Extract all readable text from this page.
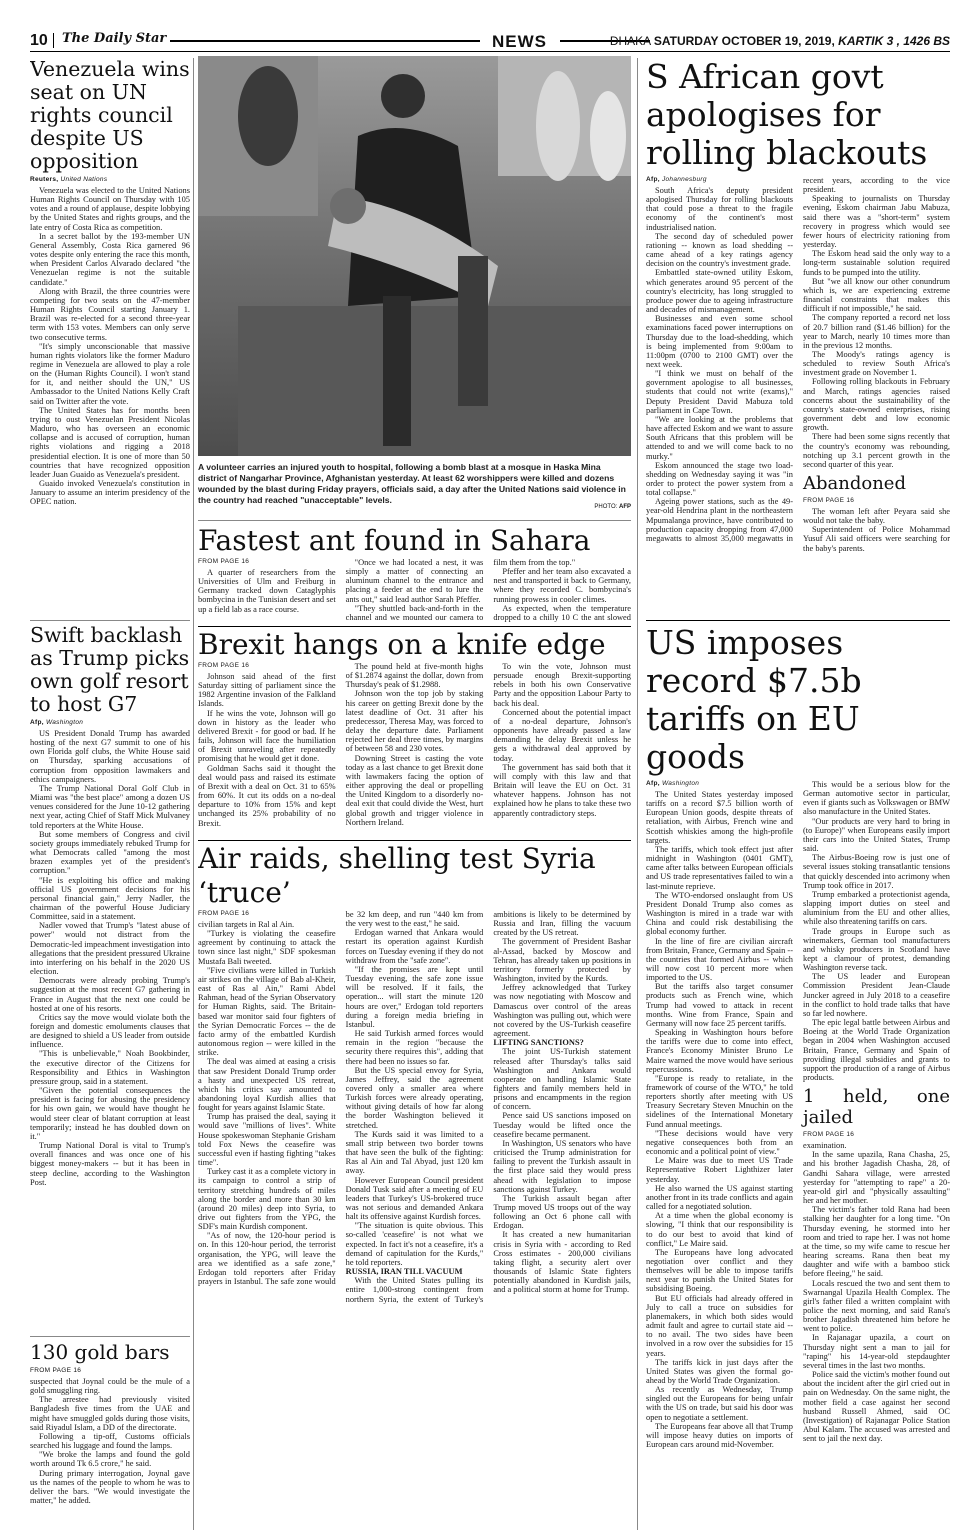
10 The Daily Star	NEWS	DHAKA SATURDAY OCTOBER 19, 2019, KARTIK 3 , 1426 BS
Venezuela wins seat on UN rights council despite US opposition
Reuters, United Nations

Venezuela was elected to the United Nations Human Rights Council on Thursday with 105 votes and a round of applause, despite lobbying by the United States and rights groups, and the late entry of Costa Rica as competition.

In a secret ballot by the 193-member UN General Assembly, Costa Rica garnered 96 votes despite only entering the race this month, when President Carlos Alvarado declared "the Venezuelan regime is not the suitable candidate."

Along with Brazil, the three countries were competing for two seats on the 47-member Human Rights Council starting January 1. Brazil was re-elected for a second three-year term with 153 votes. Members can only serve two consecutive terms.

"It's simply unconscionable that massive human rights violators like the former Maduro regime in Venezuela are allowed to play a role on the (Human Rights Council). I won't stand for it, and neither should the UN," US Ambassador to the United Nations Kelly Craft said on Twitter after the vote.

The United States has for months been trying to oust Venezuelan President Nicolas Maduro, who has overseen an economic collapse and is accused of corruption, human rights violations and rigging a 2018 presidential election. It is one of more than 50 countries that have recognized opposition leader Juan Guaido as Venezuela's president.

Guaido invoked Venezuela's constitution in January to assume an interim presidency of the OPEC nation.

Swift backlash as Trump picks own golf resort to host G7
Afp, Washington

US President Donald Trump has awarded hosting of the next G7 summit to one of his own Florida golf clubs, the White House said on Thursday, sparking accusations of corruption from opposition lawmakers and ethics campaigners.

The Trump National Doral Golf Club in Miami was "the best place" among a dozen US venues considered for the June 10-12 gathering next year, acting Chief of Staff Mick Mulvaney told reporters at the White House.

But some members of Congress and civil society groups immediately rebuked Trump for what Democrats called "among the most brazen examples yet of the president's corruption."

"He is exploiting his office and making official US government decisions for his personal financial gain," Jerry Nadler, the chairman of the powerful House Judiciary Committee, said in a statement.

Nadler vowed that Trump's "latest abuse of power" would not distract from the Democratic-led impeachment investigation into allegations that the president pressured Ukraine into interfering on his behalf in the 2020 US election.

Democrats were already probing Trump's suggestion at the most recent G7 gathering in France in August that the next one could be hosted at one of his resorts.

Critics say the move would violate both the foreign and domestic emoluments clauses that are designed to shield a US leader from outside influence.

"This is unbelievable," Noah Bookbinder, the executive director of the Citizens for Responsibility and Ethics in Washington pressure group, said in a statement.

"Given the potential consequences the president is facing for abusing the presidency for his own gain, we would have thought he would steer clear of blatant corruption at least temporarily; instead he has doubled down on it."

Trump National Doral is vital to Trump's overall finances and was once one of his biggest money-makers -- but it has been in steep decline, according to the Washington Post.

130 gold bars
FROM PAGE 16

suspected that Joynal could be the mule of a gold smuggling ring.

The arrestee had previously visited Bangladesh five times from the UAE and might have smuggled golds during those visits, said Riyadul Islam, a DD of the directorate.

Following a tip-off, Customs officials searched his luggage and found the lamps.

"We broke the lamps and found the gold worth around Tk 6.5 crore," he said.

During primary interrogation, Joynal gave us the names of the people to whom he was to deliver the bars. "We would investigate the matter," he added.

A volunteer carries an injured youth to hospital, following a bomb blast at a mosque in Haska Mina district of Nangarhar Province, Afghanistan yesterday. At least 62 worshippers were killed and dozens wounded by the blast during Friday prayers, officials said, a day after the United Nations said violence in the country had reached "unacceptable" levels.
PHOTO: AFP
Fastest ant found in Sahara
FROM PAGE 16

A quarter of researchers from the Universities of Ulm and Freiburg in Germany tracked down Cataglyphis bombycina in the Tunisian desert and set up a field lab as a race course.

"Once we had located a nest, it was simply a matter of connecting an aluminum channel to the entrance and placing a feeder at the end to lure the ants out," said lead author Sarah Pfeffer.

"They shuttled back-and-forth in the channel and we mounted our camera to film them from the top."

Pfeffer and her team also excavated a nest and transported it back to Germany, where they recorded C. bombycina's running prowess in cooler climes.

As expected, when the temperature dropped to a chilly 10 C the ant slowed

Brexit hangs on a knife edge
FROM PAGE 16

Johnson said ahead of the first Saturday sitting of parliament since the 1982 Argentine invasion of the Falkland Islands.

If he wins the vote, Johnson will go down in history as the leader who delivered Brexit - for good or bad. If he fails, Johnson will face the humiliation of Brexit unraveling after repeatedly promising that he would get it done.

Goldman Sachs said it thought the deal would pass and raised its estimate of Brexit with a deal on Oct. 31 to 65% from 60%. It cut its odds on a no-deal departure to 10% from 15% and kept unchanged its 25% probability of no Brexit.

The pound held at five-month highs of $1.2874 against the dollar, down from Thursday's peak of $1.2988.

Johnson won the top job by staking his career on getting Brexit done by the latest deadline of Oct. 31 after his predecessor, Theresa May, was forced to delay the departure date. Parliament rejected her deal three times, by margins of between 58 and 230 votes.

Downing Street is casting the vote today as a last chance to get Brexit done with lawmakers facing the option of either approving the deal or propelling the United Kingdom to a disorderly no-deal exit that could divide the West, hurt global growth and trigger violence in Northern Ireland.

To win the vote, Johnson must persuade enough Brexit-supporting rebels in both his own Conservative Party and the opposition Labour Party to back his deal.

Concerned about the potential impact of a no-deal departure, Johnson's opponents have already passed a law demanding he delay Brexit unless he gets a withdrawal deal approved by today.

The government has said both that it will comply with this law and that Britain will leave the EU on Oct. 31 whatever happens. Johnson has not explained how he plans to take these two apparently contradictory steps.

Air raids, shelling test Syria ‘truce’
FROM PAGE 16

civilian targets in Ral al Ain.

"Turkey is violating the ceasefire agreement by continuing to attack the town since last night," SDF spokesman Mustafa Bali tweeted.

"Five civilians were killed in Turkish air strikes on the village of Bab al-Kheir, east of Ras al Ain," Rami Abdel Rahman, head of the Syrian Observatory for Human Rights, said. The Britain-based war monitor said four fighters of the Syrian Democratic Forces -- the de facto army of the embattled Kurdish autonomous region -- were killed in the strike.

The deal was aimed at easing a crisis that saw President Donald Trump order a hasty and unexpected US retreat, which his critics say amounted to abandoning loyal Kurdish allies that fought for years against Islamic State.

Trump has praised the deal, saying it would save "millions of lives". White House spokeswoman Stephanie Grisham told Fox News the ceasefire was successful even if hasting fighting "takes time".

Turkey cast it as a complete victory in its campaign to control a strip of territory stretching hundreds of miles along the border and more than 30 km (around 20 miles) deep into Syria, to drive out fighters from the YPG, the SDF's main Kurdish component.

"As of now, the 120-hour period is on. In this 120-hour period, the terrorist organisation, the YPG, will leave the area we identified as a safe zone," Erdogan told reporters after Friday prayers in Istanbul. The safe zone would be 32 km deep, and run "440 km from the very west to the east," he said.

Erdogan warned that Ankara would restart its operation against Kurdish forces on Tuesday evening if they do not withdraw from the "safe zone".

"If the promises are kept until Tuesday evening, the safe zone issue will be resolved. If it fails, the operation... will start the minute 120 hours are over," Erdogan told reporters during a foreign media briefing in Istanbul.

He said Turkish armed forces would remain in the region "because the security there requires this", adding that there had been no issues so far.

But the US special envoy for Syria, James Jeffrey, said the agreement covered only a smaller area where Turkish forces were already operating, without giving details of how far along the border Washington believed it stretched.

The Kurds said it was limited to a small strip between two border towns that have seen the bulk of the fighting: Ras al Ain and Tal Abyad, just 120 km away.

However European Council president Donald Tusk said after a meeting of EU leaders that Turkey's US-brokered truce was not serious and demanded Ankara halt its offensive against Kurdish forces.

"The situation is quite obvious. This so-called 'ceasefire' is not what we expected. In fact it's not a ceasefire, it's a demand of capitulation for the Kurds," he told reporters.

RUSSIA, IRAN TILL VACUUM

With the United States pulling its entire 1,000-strong contingent from northern Syria, the extent of Turkey's ambitions is likely to be determined by Russia and Iran, filling the vacuum created by the US retreat.

The government of President Bashar al-Assad, backed by Moscow and Tehran, has already taken up positions in territory formerly protected by Washington, invited by the Kurds.

Jeffrey acknowledged that Turkey was now negotiating with Moscow and Damascus over control of the areas Washington was pulling out, which were not covered by the US-Turkish ceasefire agreement.

LIFTING SANCTIONS?

The joint US-Turkish statement released after Thursday's talks said Washington and Ankara would cooperate on handling Islamic State fighters and family members held in prisons and encampments in the region of concern.

Pence said US sanctions imposed on Tuesday would be lifted once the ceasefire became permanent.

In Washington, US senators who have criticised the Trump administration for failing to prevent the Turkish assault in the first place said they would press ahead with legislation to impose sanctions against Turkey.

The Turkish assault began after Trump moved US troops out of the way following an Oct 6 phone call with Erdogan.

It has created a new humanitarian crisis in Syria with - according to Red Cross estimates - 200,000 civilians taking flight, a security alert over thousands of Islamic State fighters potentially abandoned in Kurdish jails, and a political storm at home for Trump.

S African govt apologises for rolling blackouts
Afp, Johannesburg

South Africa's deputy president apologised Thursday for rolling blackouts that could pose a threat to the fragile economy of the continent's most industrialised nation.

The second day of scheduled power rationing -- known as load shedding -- came ahead of a key ratings agency decision on the country's investment grade.

Embattled state-owned utility Eskom, which generates around 95 percent of the country's electricity, has long struggled to produce power due to ageing infrastructure and decades of mismanagement.

Businesses and even some school examinations faced power interruptions on Thursday due to the load-shedding, which is being implemented from 9:00am to 11:00pm (0700 to 2100 GMT) over the next week.

"I think we must on behalf of the government apologise to all businesses, students that could not write (exams)," Deputy President David Mabuza told parliament in Cape Town.

"We are looking at the problems that have affected Eskom and we want to assure South Africans that this problem will be attended to and we will come back to no murky."

Eskom announced the stage two load-shedding on Wednesday saying it was "in order to protect the power system from a total collapse."

Ageing power stations, such as the 49-year-old Hendrina plant in the northeastern Mpumalanga province, have contributed to production capacity dropping from 47,000 megawatts to almost 35,000 megawatts in recent years, according to the vice president.

Speaking to journalists on Thursday evening, Eskom chairman Jabu Mabuza, said there was a "short-term" system recovery in progress which would see fewer hours of electricity rationing from yesterday.

The Eskom head said the only way to a long-term sustainable solution required funds to be pumped into the utility.

But "we all know our other conundrum which is, we are experiencing extreme financial constraints that makes this difficult if not impossible," he said.

The company reported a record net loss of 20.7 billion rand ($1.46 billion) for the year to March, nearly 10 times more than in the previous 12 months.

The Moody's ratings agency is scheduled to review South Africa's investment grade on November 1.

Following rolling blackouts in February and March, ratings agencies raised concerns about the sustainability of the country's state-owned enterprises, rising government debt and low economic growth.

There had been some signs recently that the country's economy was rebounding, notching up 3.1 percent growth in the second quarter of this year.

Abandoned
FROM PAGE 16

The woman left after Peyara said she would not take the baby.

Superintendent of Police Mohammad Yusuf Ali said officers were searching for the baby's parents.

US imposes record $7.5b tariffs on EU goods
Afp, Washington

The United States yesterday imposed tariffs on a record $7.5 billion worth of European Union goods, despite threats of retaliation, with Airbus, French wine and Scottish whiskies among the high-profile targets.

The tariffs, which took effect just after midnight in Washington (0401 GMT), came after talks between European officials and US trade representatives failed to win a last-minute reprieve.

The WTO-endorsed onslaught from US President Donald Trump also comes as Washington is mired in a trade war with China and could risk destabilising the global economy further.

In the line of fire are civilian aircraft from Britain, France, Germany and Spain -- the countries that formed Airbus -- which will now cost 10 percent more when imported to the US.

But the tariffs also target consumer products such as French wine, which Trump had vowed to attack in recent months. Wine from France, Spain and Germany will now face 25 percent tariffs.

Speaking in Washington hours before the tariffs were due to come into effect, France's Economy Minister Bruno Le Maire warned the move would have serious repercussions.

"Europe is ready to retaliate, in the framework of course of the WTO," he told reporters shortly after meeting with US Treasury Secretary Steven Mnuchin on the sidelines of the International Monetary Fund annual meetings.

"These decisions would have very negative consequences both from an economic and a political point of view."

Le Maire was due to meet US Trade Representative Robert Lighthizer later yesterday.

He also warned the US against starting another front in its trade conflicts and again called for a negotiated solution.

At a time when the global economy is slowing, "I think that our responsibility is to do our best to avoid that kind of conflict," Le Maire said.

The Europeans have long advocated negotiation over conflict and they themselves will be able to impose tariffs next year to punish the United States for subsidising Boeing.

But EU officials had already offered in July to call a truce on subsidies for planemakers, in which both sides would admit fault and agree to curtail state aid -- to no avail. The two sides have been involved in a row over the subsidies for 15 years.

The tariffs kick in just days after the United States was given the formal go-ahead by the World Trade Organization.

As recently as Wednesday, Trump singled out the Europeans for being unfair with the US on trade, but said his door was open to negotiate a settlement.

The Europeans fear above all that Trump will impose heavy duties on imports of European cars around mid-November.

This would be a serious blow for the German automotive sector in particular, even if giants such as Volkswagen or BMW also manufacture in the United States.

"Our products are very hard to bring in (to Europe)" when Europeans easily import their cars into the United States, Trump said.

The Airbus-Boeing row is just one of several issues stoking transatlantic tensions that quickly descended into acrimony when Trump took office in 2017.

Trump embarked a protectionist agenda, slapping import duties on steel and aluminium from the EU and other allies, while also threatening tariffs on cars.

Trade groups in Europe such as winemakers, German tool manufacturers and whisky producers in Scotland have kept a clamour of protest, demanding Washington reverse tack.

The US leader and European Commission President Jean-Claude Juncker agreed in July 2018 to a ceasefire in the conflict to hold trade talks that have so far led nowhere.

The epic legal battle between Airbus and Boeing at the World Trade Organization began in 2004 when Washington accused Britain, France, Germany and Spain of providing illegal subsidies and grants to support the production of a range of Airbus products.

1 held, one jailed
FROM PAGE 16

examination.

In the same upazila, Rana Chasha, 25, and his brother Jagadish Chasha, 28, of Gandhi Sahara village, were arrested yesterday for "attempting to rape" a 20-year-old girl and "physically assaulting" her and her mother.

The victim's father told Rana had been stalking her daughter for a long time. "On Thursday evening, he stormed into her room and tried to rape her. I was not home at the time, so my wife came to rescue her hearing screams. Rana then beat my daughter and wife with a bamboo stick before fleeing," he said.

Locals rescued the two and sent them to Swarnangal Upazila Health Complex. The girl's father filed a written complaint with police the next morning, and said Rana's brother Jagadish threatened him before he went to police.

In Rajanagar upazila, a court on Thursday night sent a man to jail for "raping" his 14-year-old stepdaughter several times in the last two months.

Police said the victim's mother found out about the incident after the girl cried out in pain on Wednesday. On the same night, the mother field a case against her second husband Russell Ahmed, said OC (Investigation) of Rajanagar Police Station Abul Kalam. The accused was arrested and sent to jail the next day.
